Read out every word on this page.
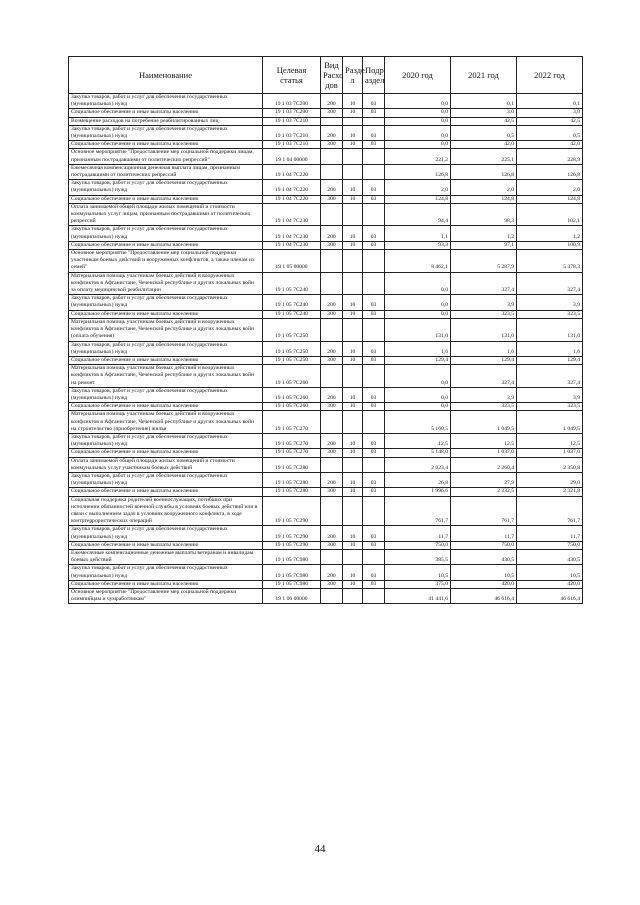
Наименование	Целевая статья	Вид Расхо дов	Разде л	Подр аздел	2020 год	2021 год	2022 год
Закупка товаров, работ и услуг для обеспечения государственных (муниципальных) нужд	19 1 03 7С200	200	10	03	0,0	0,1	0,1
Социальное обеспечение и иные выплаты населению	19 1 03 7С200	300	10	03	0,0	3,0	3,0
Возмещение расходов на погребение реабилитированных лиц	19 1 03 7С210				0,0	42,5	42,5
Закупка товаров, работ и услуг для обеспечения государственных (муниципальных) нужд	19 1 03 7С210	200	10	03	0,0	0,5	0,5
Социальное обеспечение и иные выплаты населению	19 1 03 7С210	300	10	03	0,0	42,0	42,0
Основное мероприятие "Предоставление мер социальной поддержки лицам, признанным пострадавшими от политических репрессий"	19 1 04 00000				221,2	225,1	228,9
Ежемесячная компенсационная денежная выплата лицам, признанным пострадавшими от политических репрессий	19 1 04 7С220				126,8	126,8	126,8
Закупка товаров, работ и услуг для обеспечения государственных (муниципальных) нужд	19 1 04 7С220	200	10	03	2,0	2,0	2,0
Социальное обеспечение и иные выплаты населению	19 1 04 7С220	300	10	03	124,8	124,8	124,8
Оплата занимаемой общей площади жилых помещений и стоимости коммунальных услуг лицам, признанным пострадавшими от политических репрессий	19 1 04 7С230				94,4	98,3	102,1
Закупка товаров, работ и услуг для обеспечения государственных (муниципальных) нужд	19 1 04 7С230	200	10	03	1,1	1,2	1,2
Социальное обеспечение и иные выплаты населению	19 1 04 7С230	300	10	03	93,3	97,1	100,9
Основное мероприятие "Предоставление мер социальной поддержки участникам боевых действий и вооруженных конфликтов, а также членам их семей"	19 1 05 00000				8 462,1	5 287,9	5 378,3
Материальная помощь участникам боевых действий и вооруженных конфликтов в Афганистане, Чеченской республике и других локальных войн за оплату медицинской реабилитации	19 1 05 7С240				0,0	327,4	327,4
Закупка товаров, работ и услуг для обеспечения государственных (муниципальных) нужд	19 1 05 7С240	200	10	03	0,0	3,9	3,9
Социальное обеспечение и иные выплаты населению	19 1 05 7С240	300	10	03	0,0	323,5	323,5
Материальная помощь участникам боевых действий и вооруженных конфликтов в Афганистане, Чеченской республике и других локальных войн (оплата обучения)	19 1 05 7С250				131,0	131,0	131,0
Закупка товаров, работ и услуг для обеспечения государственных (муниципальных) нужд	19 1 05 7С250	200	10	03	1,6	1,6	1,6
Социальное обеспечение и иные выплаты населению	19 1 05 7С250	300	10	03	129,4	129,4	129,4
Материальная помощь участникам боевых действий и вооруженных конфликтов в Афганистане, Чеченской республике и других локальных войн на ремонт	19 1 05 7С260				0,0	327,4	327,4
Закупка товаров, работ и услуг для обеспечения государственных (муниципальных) нужд	19 1 05 7С260	200	10	03	0,0	3,9	3,9
Социальное обеспечение и иные выплаты населению	19 1 05 7С260	300	10	03	0,0	323,5	323,5
Материальная помощь участникам боевых действий и вооруженных конфликтов в Афганистане, Чеченской республике и других локальных войн на строительство (приобретение) жилья	19 1 05 7С270				5 160,5	1 049,5	1 049,5
Закупка товаров, работ и услуг для обеспечения государственных (муниципальных) нужд	19 1 05 7С270	200	10	03	12,5	12,5	12,5
Социальное обеспечение и иные выплаты населению	19 1 05 7С270	300	10	03	5 148,0	1 037,0	1 037,0
Оплата занимаемой общей площади жилых помещений и стоимости коммунальных услуг участникам боевых действий	19 1 05 7С280				2 023,4	2 260,4	2 350,8
Закупка товаров, работ и услуг для обеспечения государственных (муниципальных) нужд	19 1 05 7С280	200	10	03	26,8	27,9	29,0
Социальное обеспечение и иные выплаты населению	19 1 05 7С280	300	10	03	1 996,6	2 232,5	2 321,8
Социальная поддержка родителей военнослужащих, погибших при исполнении обязанностей военной службы в условиях боевых действий или в связи с выполнением задач в условиях вооруженного конфликта, в ходе контртеррористических операций	19 1 05 7С290				761,7	761,7	761,7
Закупка товаров, работ и услуг для обеспечения государственных (муниципальных) нужд	19 1 05 7С290	200	10	03	11,7	11,7	11,7
Социальное обеспечение и иные выплаты населению	19 1 05 7С290	300	10	03	750,0	750,0	750,0
Ежемесячные компенсационные денежные выплаты ветеранам и инвалидам боевых действий	19 1 05 7С980				385,5	430,5	430,5
Закупка товаров, работ и услуг для обеспечения государственных (муниципальных) нужд	19 1 05 7С980	200	10	03	10,5	10,5	10,5
Социальное обеспечение и иные выплаты населению	19 1 05 7С980	300	10	03	375,0	420,0	420,0
Основное мероприятие "Предоставление мер социальной поддержки олимпийцам и чумработникам"	19 1 06 00000				41 441,6	46 616,4	46 616,4
44
